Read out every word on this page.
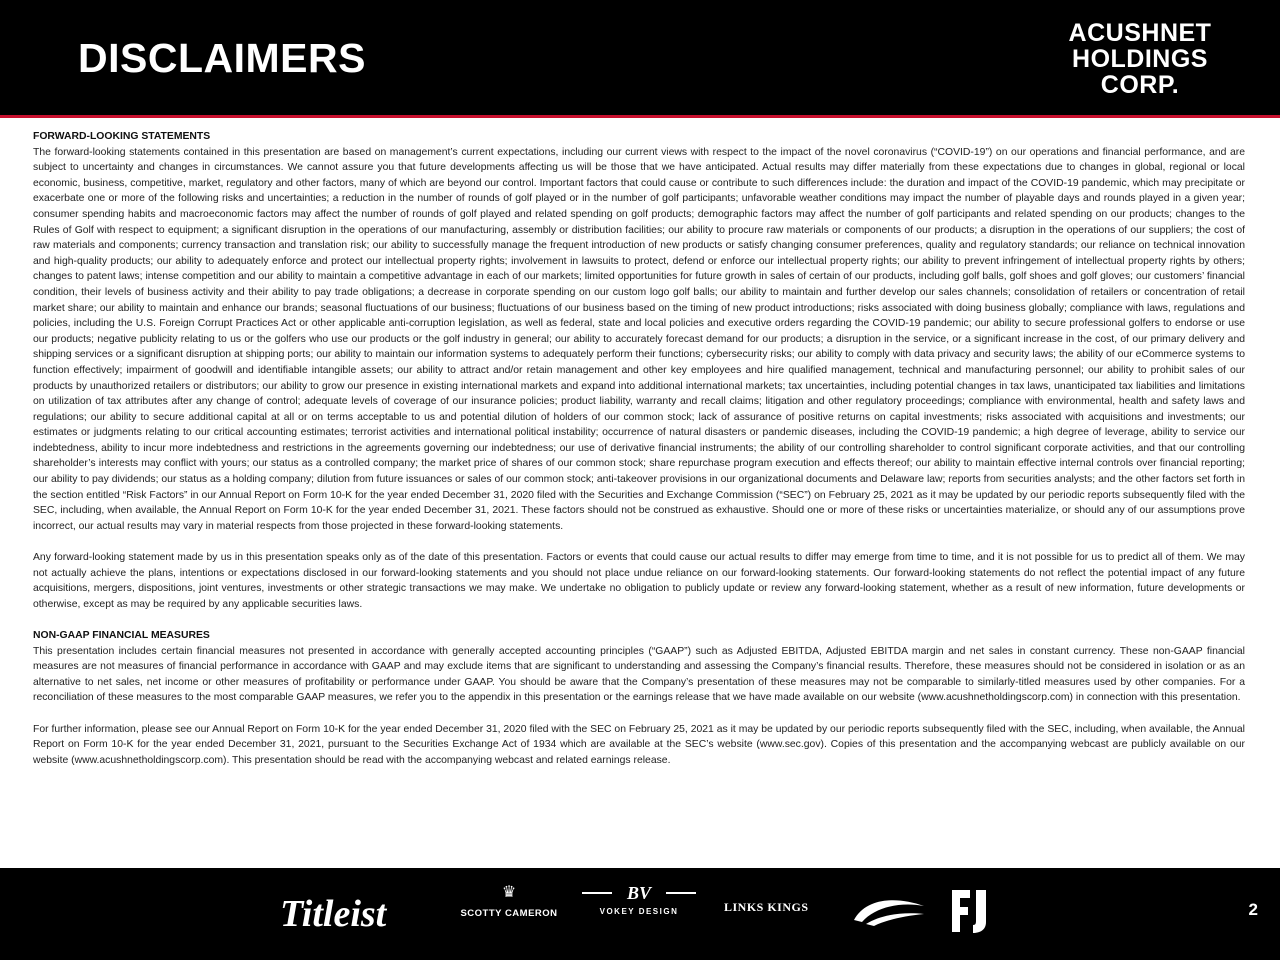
DISCLAIMERS
ACUSHNET
HOLDINGS
CORP.

FORWARD-LOOKING STATEMENTS

The forward-looking statements contained in this presentation are based on management’s current expectations, including our current views with respect to the impact of the novel coronavirus (“COVID-19”) on our operations and financial performance, and are subject to uncertainty and changes in circumstances. We cannot assure you that future developments affecting us will be those that we have anticipated. Actual results may differ materially from these expectations due to changes in global, regional or local economic, business, competitive, market, regulatory and other factors, many of which are beyond our control. Important factors that could cause or contribute to such differences include: the duration and impact of the COVID-19 pandemic, which may precipitate or exacerbate one or more of the following risks and uncertainties; a reduction in the number of rounds of golf played or in the number of golf participants; unfavorable weather conditions may impact the number of playable days and rounds played in a given year; consumer spending habits and macroeconomic factors may affect the number of rounds of golf played and related spending on golf products; demographic factors may affect the number of golf participants and related spending on our products; changes to the Rules of Golf with respect to equipment; a significant disruption in the operations of our manufacturing, assembly or distribution facilities; our ability to procure raw materials or components of our products; a disruption in the operations of our suppliers; the cost of raw materials and components; currency transaction and translation risk; our ability to successfully manage the frequent introduction of new products or satisfy changing consumer preferences, quality and regulatory standards; our reliance on technical innovation and high-quality products; our ability to adequately enforce and protect our intellectual property rights; involvement in lawsuits to protect, defend or enforce our intellectual property rights; our ability to prevent infringement of intellectual property rights by others; changes to patent laws; intense competition and our ability to maintain a competitive advantage in each of our markets; limited opportunities for future growth in sales of certain of our products, including golf balls, golf shoes and golf gloves; our customers’ financial condition, their levels of business activity and their ability to pay trade obligations; a decrease in corporate spending on our custom logo golf balls; our ability to maintain and further develop our sales channels; consolidation of retailers or concentration of retail market share; our ability to maintain and enhance our brands; seasonal fluctuations of our business; fluctuations of our business based on the timing of new product introductions; risks associated with doing business globally; compliance with laws, regulations and policies, including the U.S. Foreign Corrupt Practices Act or other applicable anti-corruption legislation, as well as federal, state and local policies and executive orders regarding the COVID-19 pandemic; our ability to secure professional golfers to endorse or use our products; negative publicity relating to us or the golfers who use our products or the golf industry in general; our ability to accurately forecast demand for our products; a disruption in the service, or a significant increase in the cost, of our primary delivery and shipping services or a significant disruption at shipping ports; our ability to maintain our information systems to adequately perform their functions; cybersecurity risks; our ability to comply with data privacy and security laws; the ability of our eCommerce systems to function effectively; impairment of goodwill and identifiable intangible assets; our ability to attract and/or retain management and other key employees and hire qualified management, technical and manufacturing personnel; our ability to prohibit sales of our products by unauthorized retailers or distributors; our ability to grow our presence in existing international markets and expand into additional international markets; tax uncertainties, including potential changes in tax laws, unanticipated tax liabilities and limitations on utilization of tax attributes after any change of control; adequate levels of coverage of our insurance policies; product liability, warranty and recall claims; litigation and other regulatory proceedings; compliance with environmental, health and safety laws and regulations; our ability to secure additional capital at all or on terms acceptable to us and potential dilution of holders of our common stock; lack of assurance of positive returns on capital investments; risks associated with acquisitions and investments; our estimates or judgments relating to our critical accounting estimates; terrorist activities and international political instability; occurrence of natural disasters or pandemic diseases, including the COVID-19 pandemic; a high degree of leverage, ability to service our indebtedness, ability to incur more indebtedness and restrictions in the agreements governing our indebtedness; our use of derivative financial instruments; the ability of our controlling shareholder to control significant corporate activities, and that our controlling shareholder’s interests may conflict with yours; our status as a controlled company; the market price of shares of our common stock; share repurchase program execution and effects thereof; our ability to maintain effective internal controls over financial reporting; our ability to pay dividends; our status as a holding company; dilution from future issuances or sales of our common stock; anti-takeover provisions in our organizational documents and Delaware law; reports from securities analysts; and the other factors set forth in the section entitled “Risk Factors” in our Annual Report on Form 10-K for the year ended December 31, 2020 filed with the Securities and Exchange Commission (“SEC”) on February 25, 2021 as it may be updated by our periodic reports subsequently filed with the SEC, including, when available, the Annual Report on Form 10-K for the year ended December 31, 2021. These factors should not be construed as exhaustive. Should one or more of these risks or uncertainties materialize, or should any of our assumptions prove incorrect, our actual results may vary in material respects from those projected in these forward-looking statements.

Any forward-looking statement made by us in this presentation speaks only as of the date of this presentation. Factors or events that could cause our actual results to differ may emerge from time to time, and it is not possible for us to predict all of them. We may not actually achieve the plans, intentions or expectations disclosed in our forward-looking statements and you should not place undue reliance on our forward-looking statements. Our forward-looking statements do not reflect the potential impact of any future acquisitions, mergers, dispositions, joint ventures, investments or other strategic transactions we may make. We undertake no obligation to publicly update or review any forward-looking statement, whether as a result of new information, future developments or otherwise, except as may be required by any applicable securities laws.

NON-GAAP FINANCIAL MEASURES

This presentation includes certain financial measures not presented in accordance with generally accepted accounting principles (“GAAP”) such as Adjusted EBITDA, Adjusted EBITDA margin and net sales in constant currency. These non-GAAP financial measures are not measures of financial performance in accordance with GAAP and may exclude items that are significant to understanding and assessing the Company’s financial results. Therefore, these measures should not be considered in isolation or as an alternative to net sales, net income or other measures of profitability or performance under GAAP. You should be aware that the Company’s presentation of these measures may not be comparable to similarly-titled measures used by other companies. For a reconciliation of these measures to the most comparable GAAP measures, we refer you to the appendix in this presentation or the earnings release that we have made available on our website (www.acushnetholdingscorp.com) in connection with this presentation.

For further information, please see our Annual Report on Form 10-K for the year ended December 31, 2020 filed with the SEC on February 25, 2021 as it may be updated by our periodic reports subsequently filed with the SEC, including, when available, the Annual Report on Form 10-K for the year ended December 31, 2021, pursuant to the Securities Exchange Act of 1934 which are available at the SEC’s website (www.sec.gov). Copies of this presentation and the accompanying webcast are publicly available on our website (www.acushnetholdingscorp.com). This presentation should be read with the accompanying webcast and related earnings release.

Titleist
♛
SCOTTY CAMERON
BV
VOKEY DESIGN	LINKS KINGS	2
